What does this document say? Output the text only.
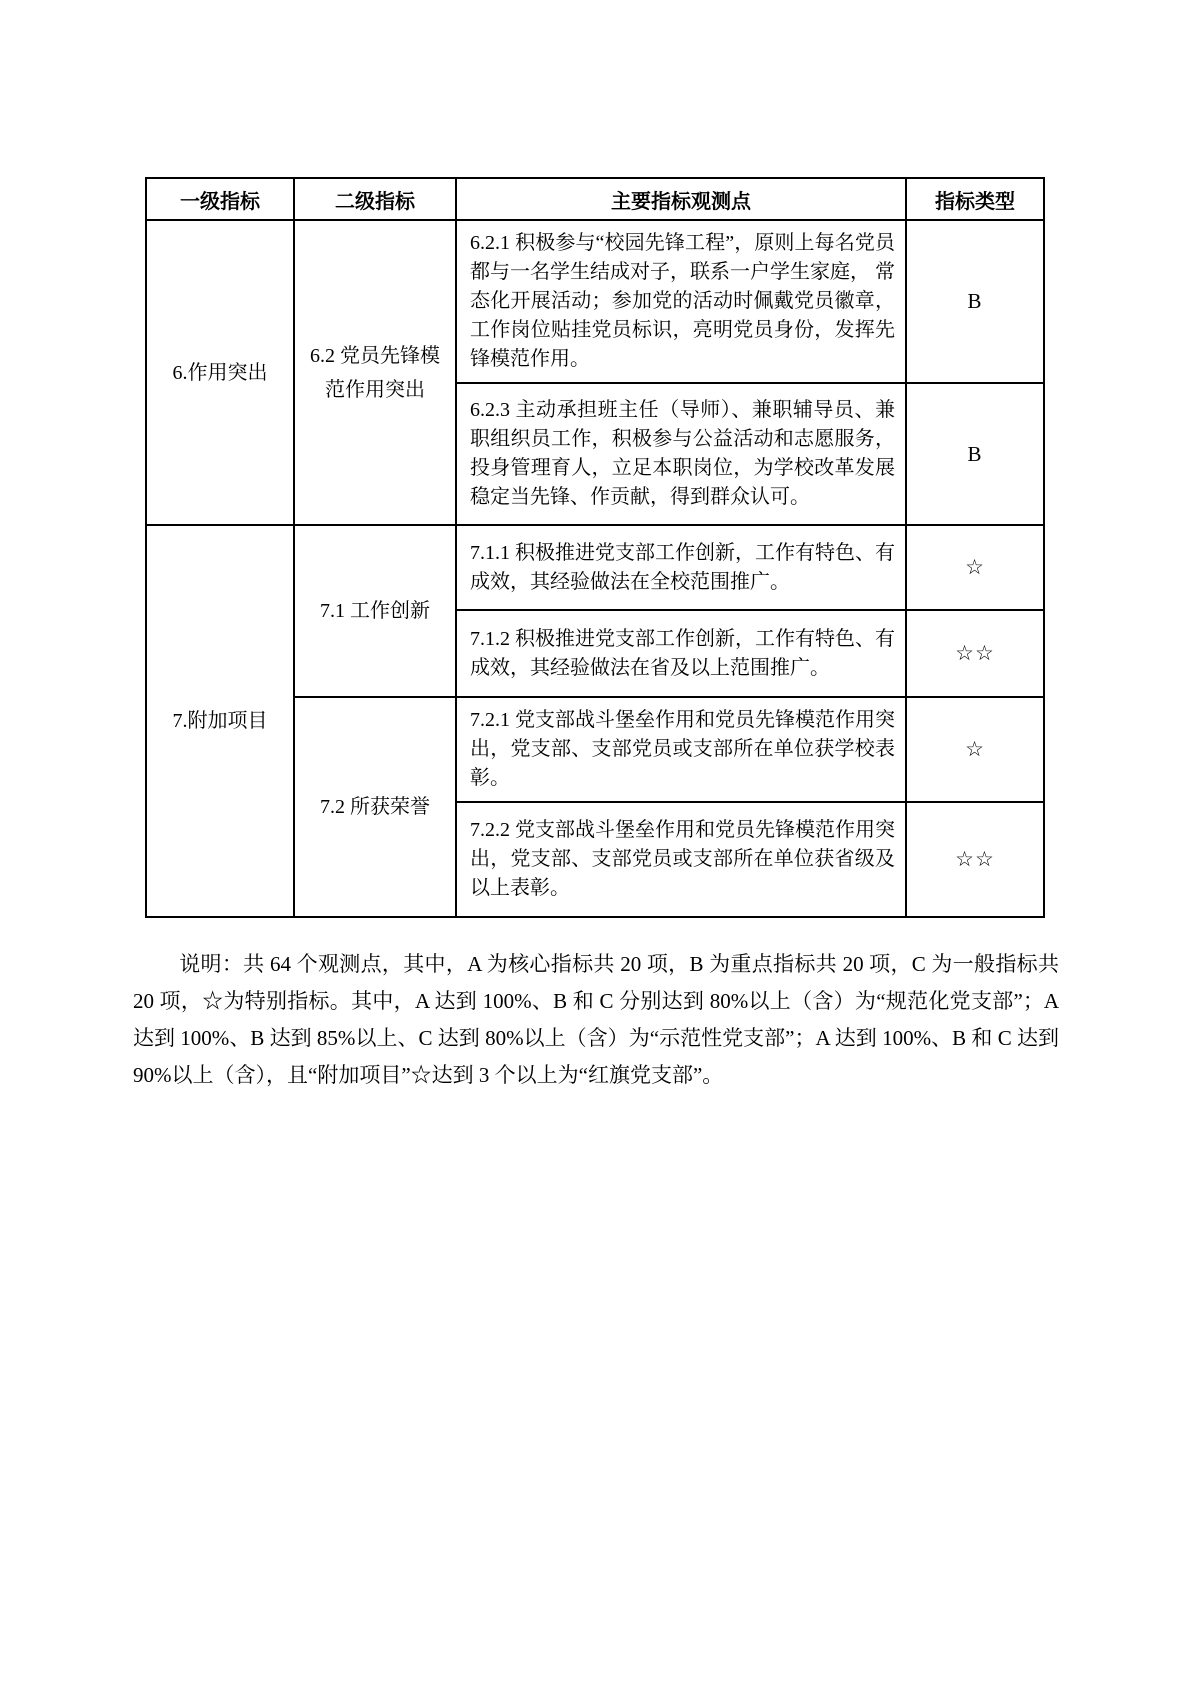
一级指标	二级指标	主要指标观测点	指标类型
6.作用突出	6.2 党员先锋模范作用突出	6.2.1 积极参与“校园先锋工程”，原则上每名党员都与一名学生结成对子，联系一户学生家庭， 常态化开展活动；参加党的活动时佩戴党员徽章， 工作岗位贴挂党员标识，亮明党员身份，发挥先锋模范作用。	B
		6.2.3 主动承担班主任（导师）、兼职辅导员、兼职组织员工作，积极参与公益活动和志愿服务，投身管理育人，立足本职岗位，为学校改革发展稳定当先锋、作贡献，得到群众认可。	B
7.附加项目	7.1 工作创新	7.1.1 积极推进党支部工作创新，工作有特色、有成效，其经验做法在全校范围推广。	☆
		7.1.2 积极推进党支部工作创新，工作有特色、有成效，其经验做法在省及以上范围推广。	☆☆
	7.2 所获荣誉	7.2.1 党支部战斗堡垒作用和党员先锋模范作用突出，党支部、支部党员或支部所在单位获学校表彰。	☆
		7.2.2 党支部战斗堡垒作用和党员先锋模范作用突出，党支部、支部党员或支部所在单位获省级及以上表彰。	☆☆

说明：共 64 个观测点，其中，A 为核心指标共 20 项，B 为重点指标共 20 项，C 为一般指标共 20 项，☆为特别指标。其中，A 达到 100%、B 和 C 分别达到 80%以上（含）为“规范化党支部”；A 达到 100%、B 达到 85%以上、C 达到 80%以上（含）为“示范性党支部”；A 达到 100%、B 和 C 达到 90%以上（含），且“附加项目”☆达到 3 个以上为“红旗党支部”。
